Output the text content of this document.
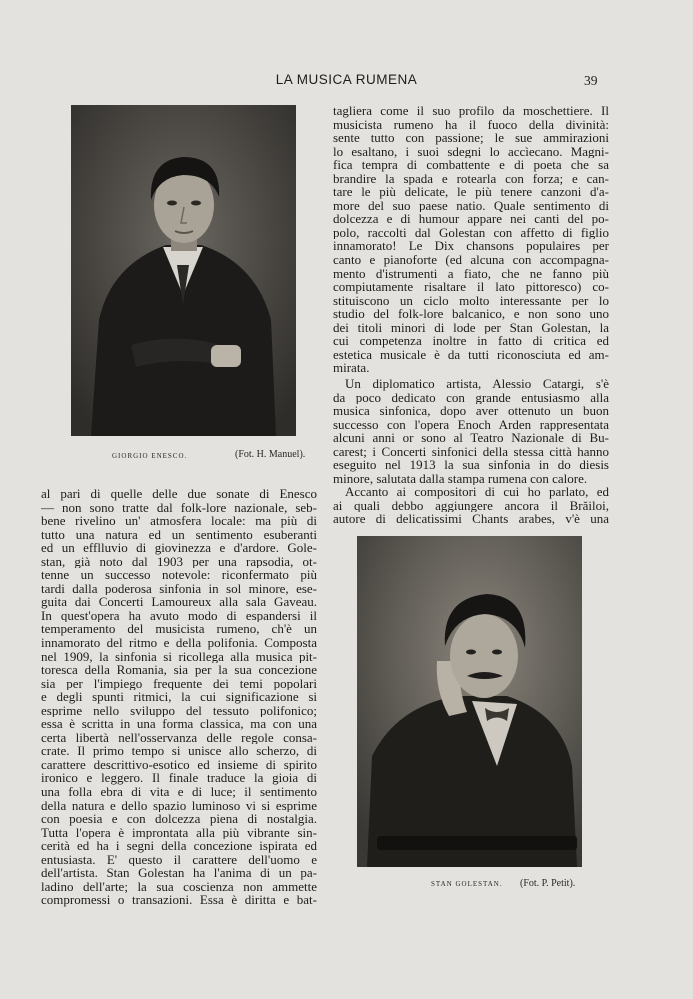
LA MUSICA RUMENA	39
GIORGIO ENESCO.	(Fot. H. Manuel).
STAN GOLESTAN. (Fot. P. Petit).
tagliera come il suo profilo da moschettiere. Il
musicista rumeno ha il fuoco della divinità:
sente tutto con passione; le sue ammirazioni
lo esaltano, i suoi sdegni lo accìecano. Magni-
fica tempra di combattente e di poeta che sa
brandire la spada e rotearla con forza; e can-
tare le più delicate, le più tenere canzoni d'a-
more del suo paese natio. Quale sentimento di
dolcezza e di humour appare nei canti del po-
polo, raccolti dal Golestan con affetto di figlio
innamorato! Le Dix chansons populaires per
canto e pianoforte (ed alcuna con accompagna-
mento d'istrumenti a fiato, che ne fanno più
compiutamente risaltare il lato pittoresco) co-
stituiscono un ciclo molto interessante per lo
studio del folk-lore balcanico, e non sono uno
dei titoli minori di lode per Stan Golestan, la
cui competenza inoltre in fatto di critica ed
estetica musicale è da tutti riconosciuta ed am-
mirata.
Un diplomatico artista, Alessio Catargi, s'è
da poco dedicato con grande entusiasmo alla
musica sinfonica, dopo aver ottenuto un buon
successo con l'opera Enoch Arden rappresentata
alcuni anni or sono al Teatro Nazionale di Bu-
carest; i Concerti sinfonici della stessa città hanno
eseguito nel 1913 la sua sinfonia in do diesis
minore, salutata dalla stampa rumena con calore.
Accanto ai compositori di cui ho parlato, ed
ai quali debbo aggiungere ancora il Brăiloi,
autore di delicatissimi Chants arabes, v'è una
al pari di quelle delle due sonate di Enesco
— non sono tratte dal folk-lore nazionale, seb-
bene rivelino un' atmosfera locale: ma più di
tutto una natura ed un sentimento esuberanti
ed un efflluvio di giovinezza e d'ardore. Gole-
stan, già noto dal 1903 per una rapsodia, ot-
tenne un successo notevole: riconfermato più
tardi dalla poderosa sinfonia in sol minore, ese-
guita dai Concerti Lamoureux alla sala Gaveau.
In quest'opera ha avuto modo di espandersi il
temperamento del musicista rumeno, ch'è un
innamorato del ritmo e della polifonia. Composta
nel 1909, la sinfonia si ricollega alla musica pit-
toresca della Romania, sia per la sua concezione
sia per l'impiego frequente dei temi popolari
e degli spunti ritmici, la cui significazione si
esprime nello sviluppo del tessuto polifonico;
essa è scritta in una forma classica, ma con una
certa libertà nell'osservanza delle regole consa-
crate. Il primo tempo si unisce allo scherzo, di
carattere descrittivo-esotico ed insieme di spirito
ironico e leggero. Il finale traduce la gioia di
una folla ebra di vita e di luce; il sentimento
della natura e dello spazio luminoso vi si esprime
con poesia e con dolcezza piena di nostalgia.
Tutta l'opera è improntata alla più vibrante sin-
cerità ed ha i segni della concezione ispirata ed
entusiasta. E' questo il carattere dell'uomo e
dell'artista. Stan Golestan ha l'anima di un pa-
ladino dell'arte; la sua coscienza non ammette
compromessi o transazioni. Essa è diritta e bat-
